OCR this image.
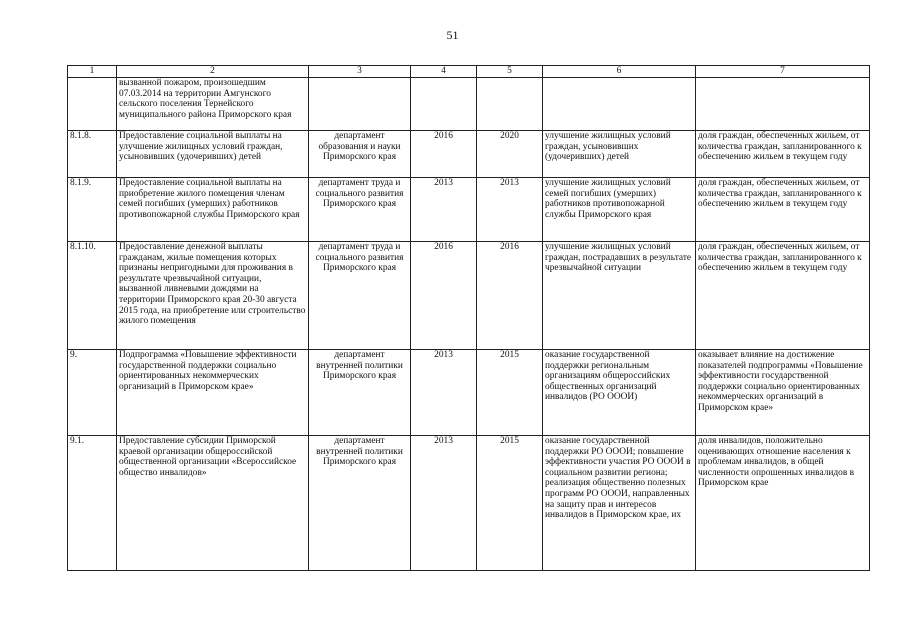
51
1	2	3	4	5	6	7
	вызванной пожаром, произошедшим 07.03.2014 на территории Амгунского сельского поселения Тернейского муниципального района Приморского края					
8.1.8.	Предоставление социальной выплаты на улучшение жилищных условий граждан, усыновивших (удочеривших) детей	департамент образования и науки Приморского края	2016	2020	улучшение жилищных условий граждан, усыновивших (удочеривших) детей	доля граждан, обеспеченных жильем, от количества граждан, запланированного к обеспечению жильем в текущем году
8.1.9.	Предоставление социальной выплаты на приобретение жилого помещения членам семей погибших (умерших) работников противопожарной службы Приморского края	департамент труда и социального развития Приморского края	2013	2013	улучшение жилищных условий семей погибших (умерших) работников противопожарной службы Приморского края	доля граждан, обеспеченных жильем, от количества граждан, запланированного к обеспечению жильем в текущем году
8.1.10.	Предоставление денежной выплаты гражданам, жилые помещения которых признаны непригодными для проживания в результате чрезвычайной ситуации, вызванной ливневыми дождями на территории Приморского края 20-30 августа 2015 года, на приобретение или строительство жилого помещения	департамент труда и социального развития Приморского края	2016	2016	улучшение жилищных условий граждан, пострадавших в результате чрезвычайной ситуации	доля граждан, обеспеченных жильем, от количества граждан, запланированного к обеспечению жильем в текущем году
9.	Подпрограмма «Повышение эффективности государственной поддержки социально ориентированных некоммерческих организаций в Приморском крае»	департамент внутренней политики Приморского края	2013	2015	оказание государственной поддержки региональным организациям общероссийских общественных организаций инвалидов (РО ОООИ)	оказывает влияние на достижение показателей подпрограммы «Повышение эффективности государственной поддержки социально ориентированных некоммерческих организаций в Приморском крае»
9.1.	Предоставление субсидии Приморской краевой организации общероссийской общественной организации «Всероссийское общество инвалидов»	департамент внутренней политики Приморского края	2013	2015	оказание государственной поддержки РО ОООИ; повышение эффективности участия РО ОООИ в социальном развитии региона; реализация общественно полезных программ РО ОООИ, направленных на защиту прав и интересов инвалидов в Приморском крае, их	доля инвалидов, положительно оценивающих отношение населения к проблемам инвалидов, в общей численности опрошенных инвалидов в Приморском крае
